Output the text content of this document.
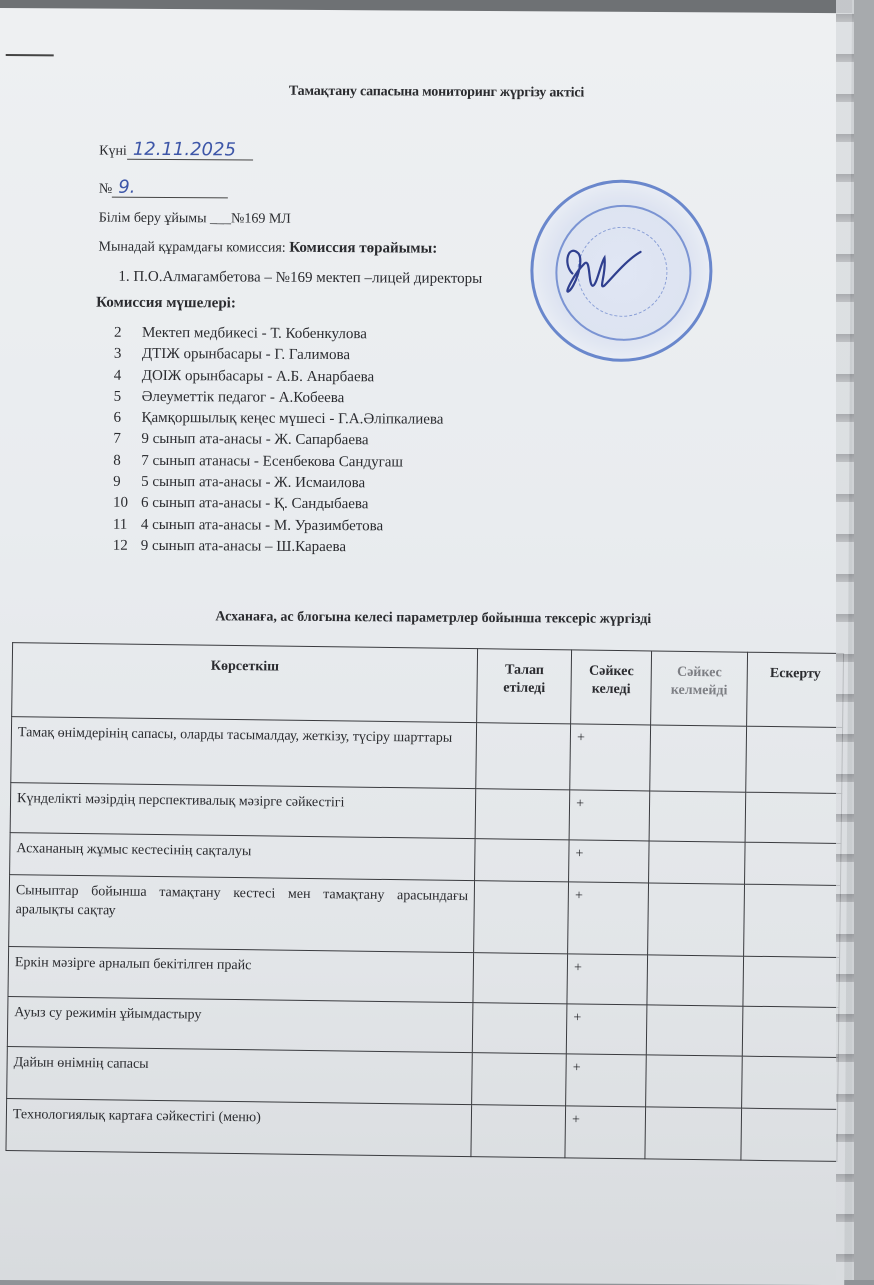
Тамақтану сапасына мониторинг жүргізу актісі
Күні 12.11.2025
№ 9.
Білім беру ұйымы ___№169 МЛ
Мынадай құрамдағы комиссия: Комиссия төрайымы:
1. П.О.Алмагамбетова – №169 мектеп –лицей директоры
Комиссия мүшелері:
2	Мектеп медбикесі - Т. Кобенкулова
3	ДТІЖ орынбасары - Г. Галимова
4	ДОІЖ орынбасары - А.Б. Анарбаева
5	Әлеуметтік педагог - А.Кобеева
6	Қамқоршылық кеңес мүшесі - Г.А.Әліпкалиева
7	9 сынып ата-анасы - Ж. Сапарбаева
8	7 сынып атанасы - Есенбекова Сандугаш
9	5 сынып ата-анасы - Ж. Исмаилова
10 6 сынып ата-анасы - Қ. Сандыбаева
11 4 сынып ата-анасы - М. Уразимбетова
12 9 сынып ата-анасы – Ш.Караева
Асханаға, ас блогына келесі параметрлер бойынша тексеріс жүргізді
Көрсеткіш	Талап етіледі	Сәйкес келеді	Сәйкес келмейді	Ескерту
Тамақ өнімдерінің сапасы, оларды тасымалдау, жеткізу, түсіру шарттары		+		
Күнделікті мәзірдің перспективалық мәзірге сәйкестігі		+		
Асхананың жұмыс кестесінің сақталуы		+		
Сыныптар бойынша тамақтану кестесі мен тамақтану арасындағы аралықты сақтау		+		
Еркін мәзірге арналып бекітілген прайс		+		
Ауыз су режимін ұйымдастыру		+		
Дайын өнімнің сапасы		+		
Технологиялық картаға сәйкестігі (меню)		+		
